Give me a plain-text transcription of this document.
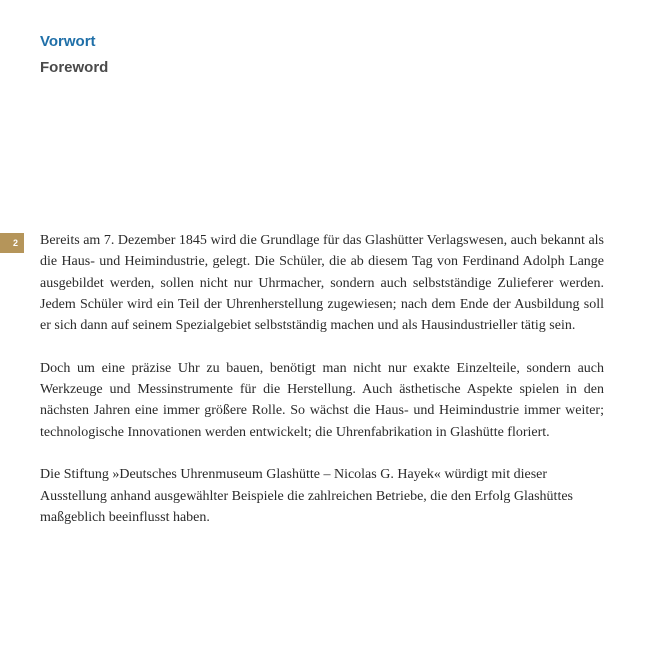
Vorwort
Foreword
2	Bereits am 7. Dezember 1845 wird die Grundlage für das Glashütter Verlagswesen, auch bekannt als die Haus- und Heimindustrie, gelegt. Die Schüler, die ab diesem Tag von Ferdinand Adolph Lange ausgebildet werden, sollen nicht nur Uhrmacher, sondern auch selbstständige Zulieferer werden. Jedem Schüler wird ein Teil der Uhrenherstellung zugewiesen; nach dem Ende der Ausbildung soll er sich dann auf seinem Spezialgebiet selbstständig machen und als Hausindustrieller tätig sein.

Doch um eine präzise Uhr zu bauen, benötigt man nicht nur exakte Einzelteile, sondern auch Werkzeuge und Messinstrumente für die Herstellung. Auch ästhetische Aspekte spielen in den nächsten Jahren eine immer größere Rolle. So wächst die Haus- und Heimindustrie immer weiter; technologische Innovationen werden entwickelt; die Uhrenfabrikation in Glashütte floriert.

Die Stiftung »Deutsches Uhrenmuseum Glashütte – Nicolas G. Hayek« würdigt mit dieser Ausstellung anhand ausgewählter Beispiele die zahlreichen Betriebe, die den Erfolg Glashüttes maßgeblich beeinflusst haben.
